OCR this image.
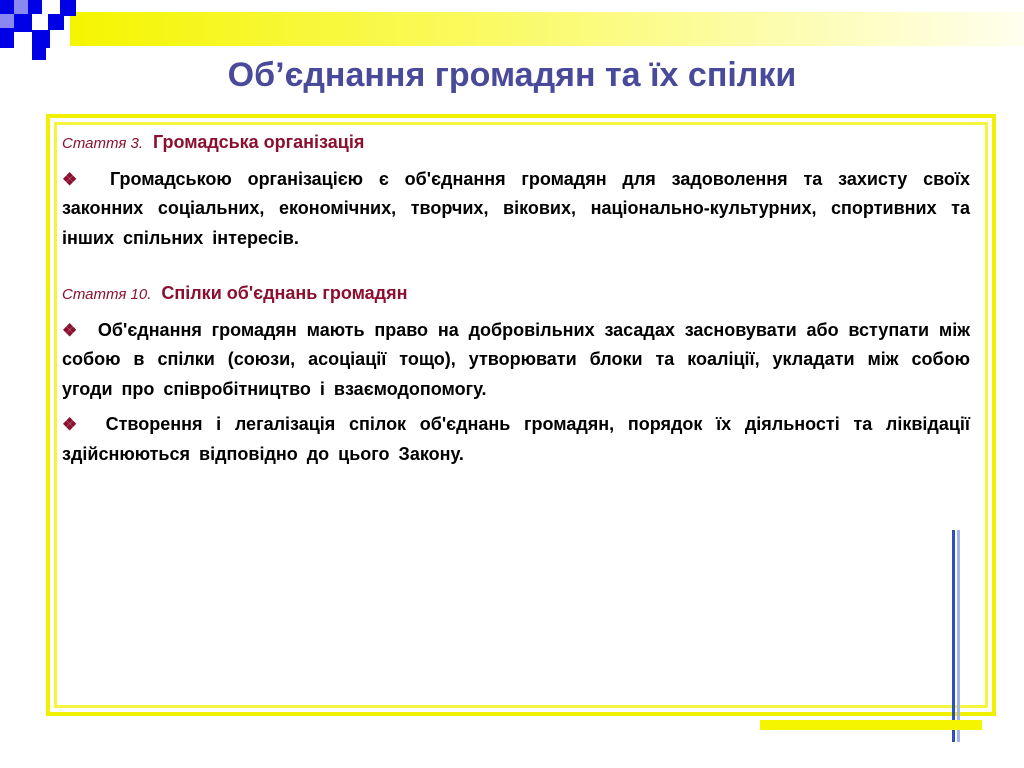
Об’єднання громадян та їх спілки

Стаття 3. Громадська організація

❖ Громадською організацією є об'єднання громадян для задоволення та захисту своїх законних соціальних, економічних, творчих, вікових, національно-культурних, спортивних та інших спільних інтересів.

Стаття 10. Спілки об'єднань громадян

❖ Об'єднання громадян мають право на добровільних засадах засновувати або вступати між собою в спілки (союзи, асоціації тощо), утворювати блоки та коаліції, укладати між собою угоди про співробітництво і взаємодопомогу.

❖ Створення і легалізація спілок об'єднань громадян, порядок їх діяльності та ліквідації здійснюються відповідно до цього Закону.
